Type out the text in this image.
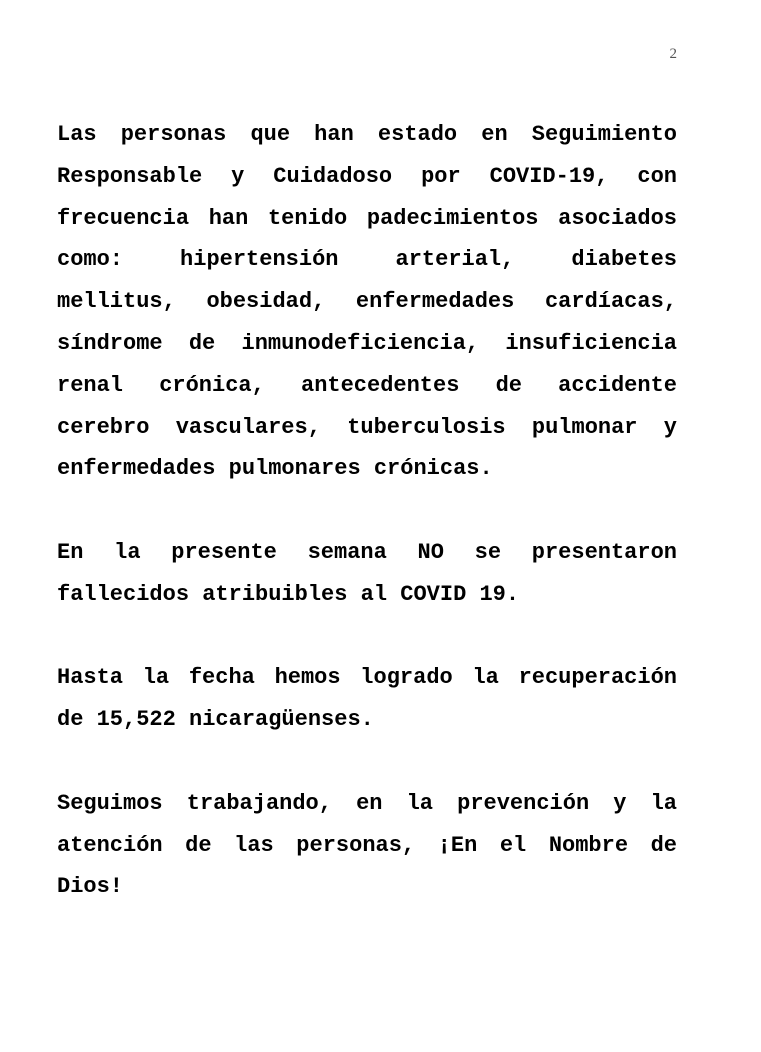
2

Las personas que han estado en Seguimiento Responsable y Cuidadoso por COVID-19, con frecuencia han tenido padecimientos asociados como: hipertensión arterial, diabetes mellitus, obesidad, enfermedades cardíacas, síndrome de inmunodeficiencia, insuficiencia renal crónica, antecedentes de accidente cerebro vasculares, tuberculosis pulmonar y enfermedades pulmonares crónicas.

En la presente semana NO se presentaron fallecidos atribuibles al COVID 19.

Hasta la fecha hemos logrado la recuperación de 15,522 nicaragüenses.

Seguimos trabajando, en la prevención y la atención de las personas, ¡En el Nombre de Dios!
